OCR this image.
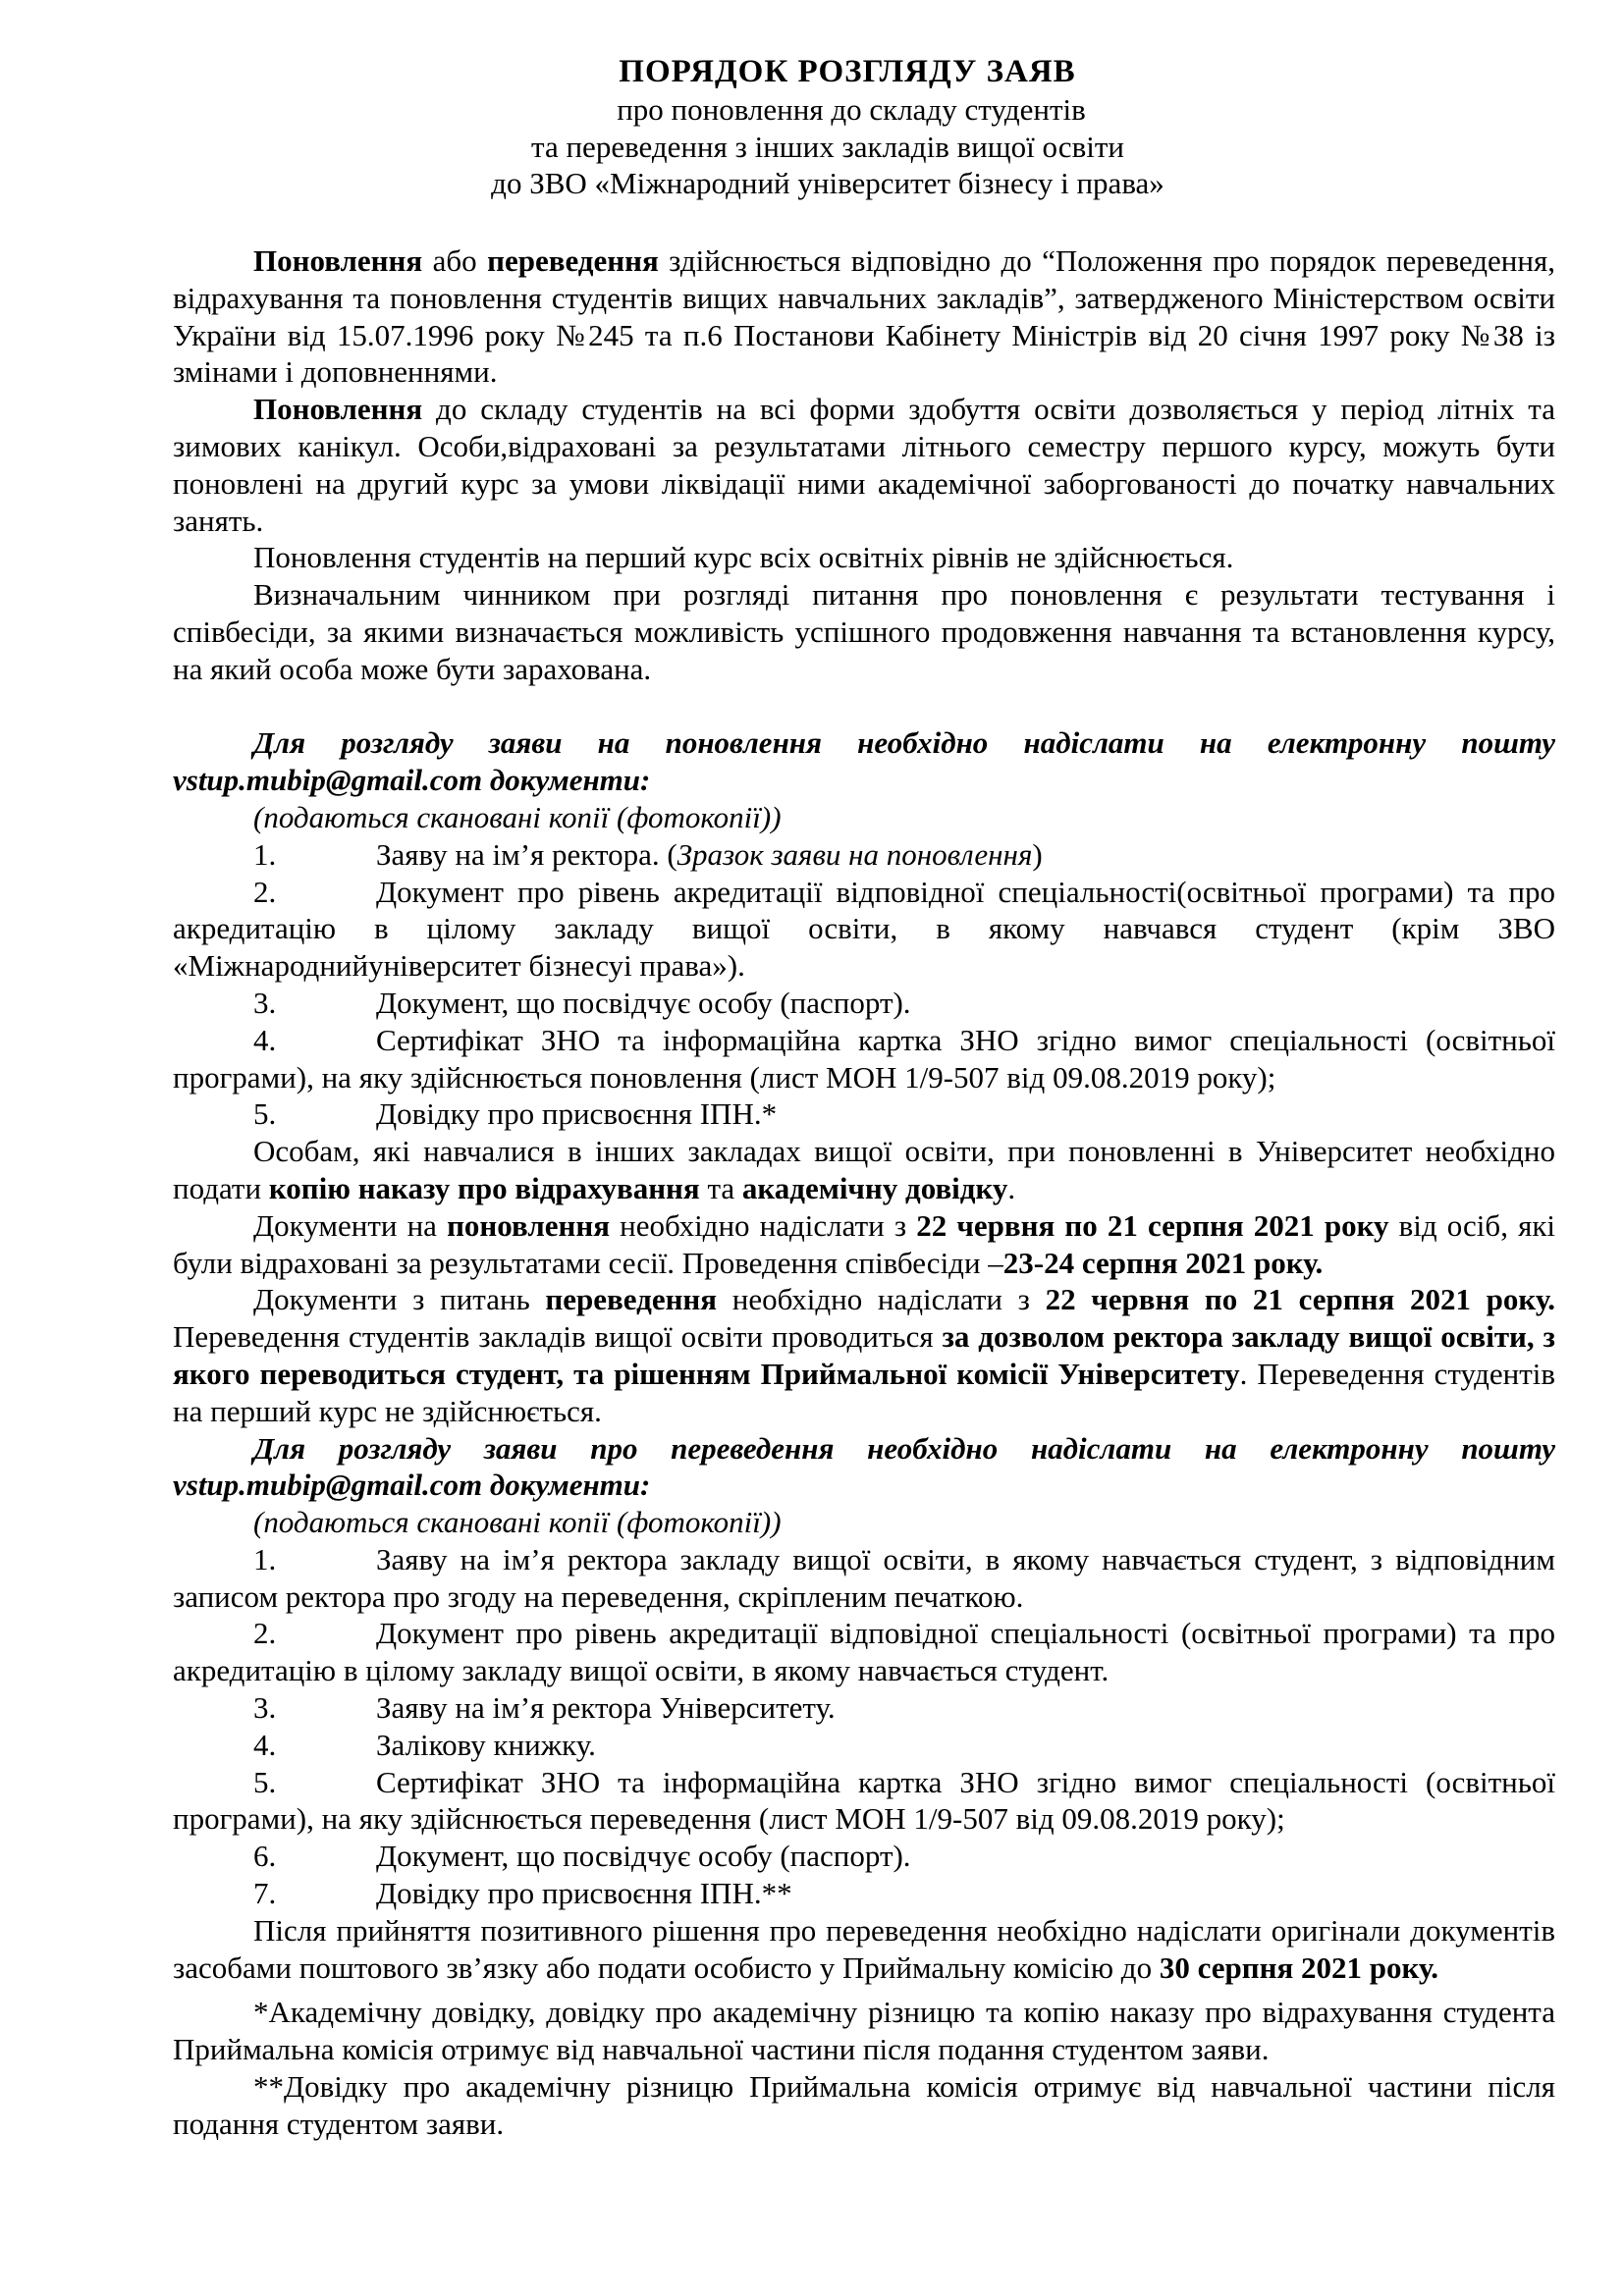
ПОРЯДОК РОЗГЛЯДУ ЗАЯВ
про поновлення до складу студентів
та переведення з інших закладів вищої освіти
до ЗВО «Міжнародний університет бізнесу і права»

Поновлення або переведення здійснюється відповідно до “Положення про порядок переведення, відрахування та поновлення студентів вищих навчальних закладів”, затвердженого Міністерством освіти України від 15.07.1996 року №245 та п.6 Постанови Кабінету Міністрів від 20 січня 1997 року №38 із змінами і доповненнями.

Поновлення до складу студентів на всі форми здобуття освіти дозволяється у період літніх та зимових канікул. Особи,відраховані за результатами літнього семестру першого курсу, можуть бути поновлені на другий курс за умови ліквідації ними академічної заборгованості до початку навчальних занять.

Поновлення студентів на перший курс всіх освітніх рівнів не здійснюється.

Визначальним чинником при розгляді питання про поновлення є результати тестування і співбесіди, за якими визначається можливість успішного продовження навчання та встановлення курсу, на який особа може бути зарахована.

Для розгляду заяви на поновлення необхідно надіслати на електронну пошту vstup.mubip@gmail.com документи:

(подаються скановані копії (фотокопії))

1.	Заяву на ім’я ректора. (Зразок заяви на поновлення)

2.	Документ про рівень акредитації відповідної спеціальності(освітньої програми) та про акредитацію в цілому закладу вищої освіти, в якому навчався студент (крім ЗВО «Міжнароднийуніверситет бізнесуі права»).

3.	Документ, що посвідчує особу (паспорт).

4.	Сертифікат ЗНО та інформаційна картка ЗНО згідно вимог спеціальності (освітньої програми), на яку здійснюється поновлення (лист МОН 1/9-507 від 09.08.2019 року);

5.	Довідку про присвоєння ІПН.*

Особам, які навчалися в інших закладах вищої освіти, при поновленні в Університет необхідно подати копію наказу про відрахування та академічну довідку.

Документи на поновлення необхідно надіслати з 22 червня по 21 серпня 2021 року від осіб, які були відраховані за результатами сесії. Проведення співбесіди –23-24 серпня 2021 року.

Документи з питань переведення необхідно надіслати з 22 червня по 21 серпня 2021 року. Переведення студентів закладів вищої освіти проводиться за дозволом ректора закладу вищої освіти, з якого переводиться студент, та рішенням Приймальної комісії Університету. Переведення студентів на перший курс не здійснюється.

Для розгляду заяви про переведення необхідно надіслати на електронну пошту vstup.mubip@gmail.com документи:

(подаються скановані копії (фотокопії))

1.	Заяву на ім’я ректора закладу вищої освіти, в якому навчається студент, з відповідним записом ректора про згоду на переведення, скріпленим печаткою.

2.	Документ про рівень акредитації відповідної спеціальності (освітньої програми) та про акредитацію в цілому закладу вищої освіти, в якому навчається студент.

3.	Заяву на ім’я ректора Університету.

4.	Залікову книжку.

5.	Сертифікат ЗНО та інформаційна картка ЗНО згідно вимог спеціальності (освітньої програми), на яку здійснюється переведення (лист МОН 1/9-507 від 09.08.2019 року);

6.	Документ, що посвідчує особу (паспорт).

7.	Довідку про присвоєння ІПН.**

Після прийняття позитивного рішення про переведення необхідно надіслати оригінали документів засобами поштового зв’язку або подати особисто у Приймальну комісію до 30 серпня 2021 року.

*Академічну довідку, довідку про академічну різницю та копію наказу про відрахування студента Приймальна комісія отримує від навчальної частини після подання студентом заяви.

**Довідку про академічну різницю Приймальна комісія отримує від навчальної частини після подання студентом заяви.
